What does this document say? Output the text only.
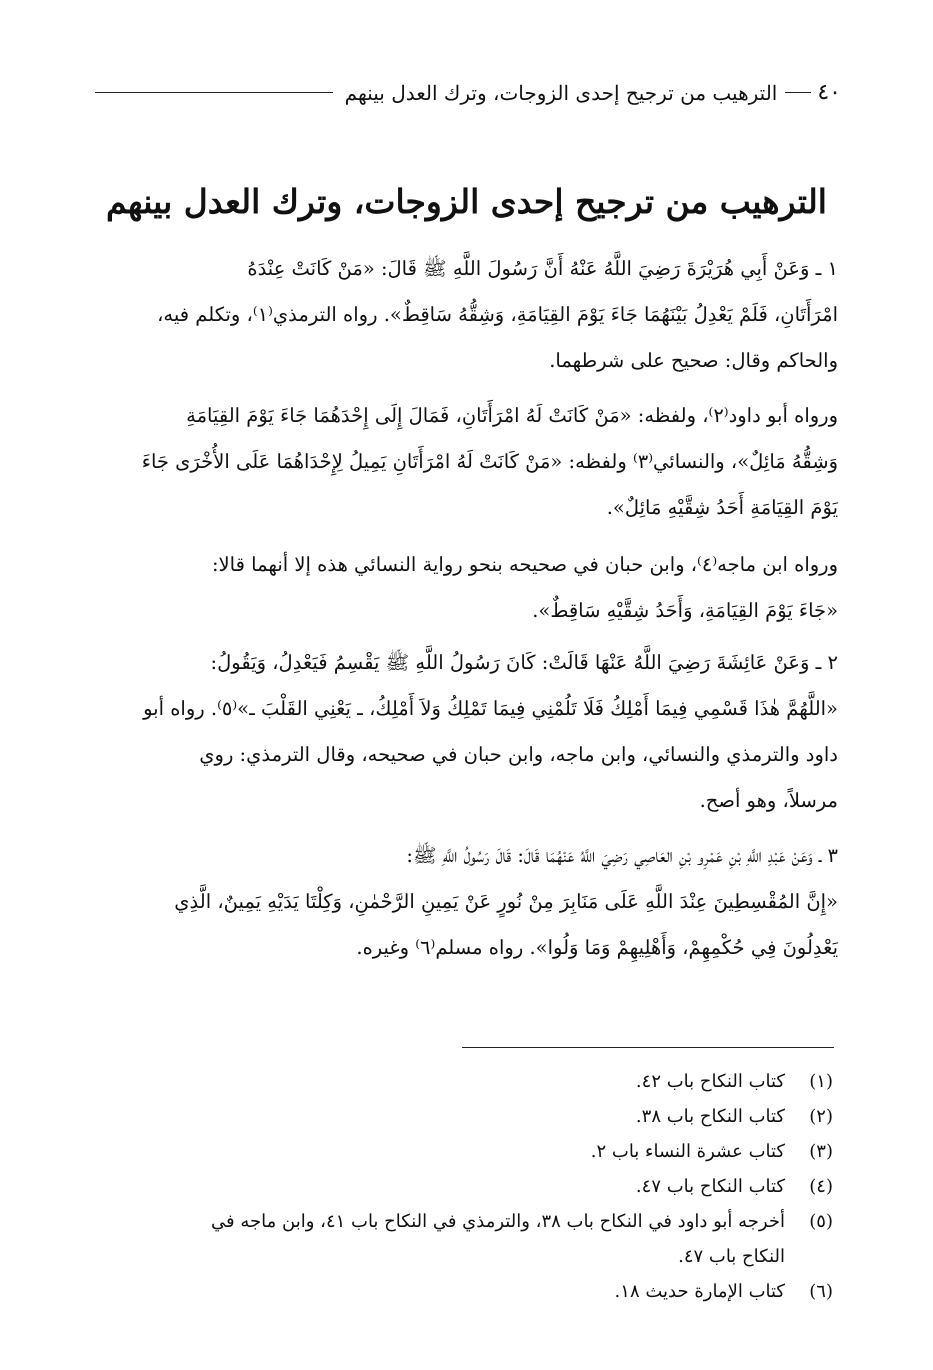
٤٠
الترهيب من ترجيح إحدى الزوجات، وترك العدل بينهم
الترهيب من ترجيح إحدى الزوجات، وترك العدل بينهم
١ ـ وَعَنْ أَبِي هُرَيْرَةَ رَضِيَ اللَّهُ عَنْهُ أَنَّ رَسُولَ اللَّهِ ﷺ قَالَ: «مَنْ كَانَتْ عِنْدَهُ
امْرَأَتَانِ، فَلَمْ يَعْدِلُ بَيْنَهُمَا جَاءَ يَوْمَ القِيَامَةِ، وَشِقُّهُ سَاقِطٌ». رواه الترمذي⁽١⁾، وتكلم فيه،
والحاكم وقال: صحيح على شرطهما.
ورواه أبو داود⁽٢⁾، ولفظه: «مَنْ كَانَتْ لَهُ امْرَأَتَانِ، فَمَالَ إِلَى إِحْدَهُمَا جَاءَ يَوْمَ القِيَامَةِ
وَشِقُّهُ مَائِلٌ»، والنسائي⁽٣⁾ ولفظه: «مَنْ كَانَتْ لَهُ امْرَأَتَانِ يَمِيلُ لِإِحْدَاهُمَا عَلَى الأُخْرَى جَاءَ
يَوْمَ القِيَامَةِ أَحَدُ شِقَّيْهِ مَائِلٌ».
ورواه ابن ماجه⁽٤⁾، وابن حبان في صحيحه بنحو رواية النسائي هذه إلا أنهما قالا:
«جَاءَ يَوْمَ القِيَامَةِ، وَأَحَدُ شِقَّيْهِ سَاقِطٌ».
٢ ـ وَعَنْ عَائِشَةَ رَضِيَ اللَّهُ عَنْهَا قَالَتْ: كَانَ رَسُولُ اللَّهِ ﷺ يَقْسِمُ فَيَعْدِلُ، وَيَقُولُ:
«اللَّهُمَّ هٰذَا قَسْمِي فِيمَا أَمْلِكُ فَلَا تَلُمْنِي فِيمَا تَمْلِكُ وَلاَ أَمْلِكُ، ـ يَعْنِي القَلْبَ ـ»⁽٥⁾. رواه أبو
داود والترمذي والنسائي، وابن ماجه، وابن حبان في صحيحه، وقال الترمذي: روي
مرسلاً، وهو أصح.
٣ ـ وَعَنْ عَبْدِ اللَّهِ بْنِ عَمْرِو بْنِ العَاصِي رَضِيَ اللَّهُ عَنْهُمَا قَالَ: قَالَ رَسُولُ اللَّهِ ﷺ:
«إِنَّ المُقْسِطِينَ عِنْدَ اللَّهِ عَلَى مَنَابِرَ مِنْ نُورٍ عَنْ يَمِينِ الرَّحْمٰنِ، وَكِلْتَا يَدَيْهِ يَمِينٌ، الَّذِي
يَعْدِلُونَ فِي حُكْمِهِمْ، وَأَهْلِيهِمْ وَمَا وَلُوا». رواه مسلم⁽٦⁾ وغيره.
(١)
كتاب النكاح باب ٤٢.
(٢)
كتاب النكاح باب ٣٨.
(٣)
كتاب عشرة النساء باب ٢.
(٤)
كتاب النكاح باب ٤٧.
(٥)
أخرجه أبو داود في النكاح باب ٣٨، والترمذي في النكاح باب ٤١، وابن ماجه في
النكاح باب ٤٧.
(٦)
كتاب الإمارة حديث ١٨.
